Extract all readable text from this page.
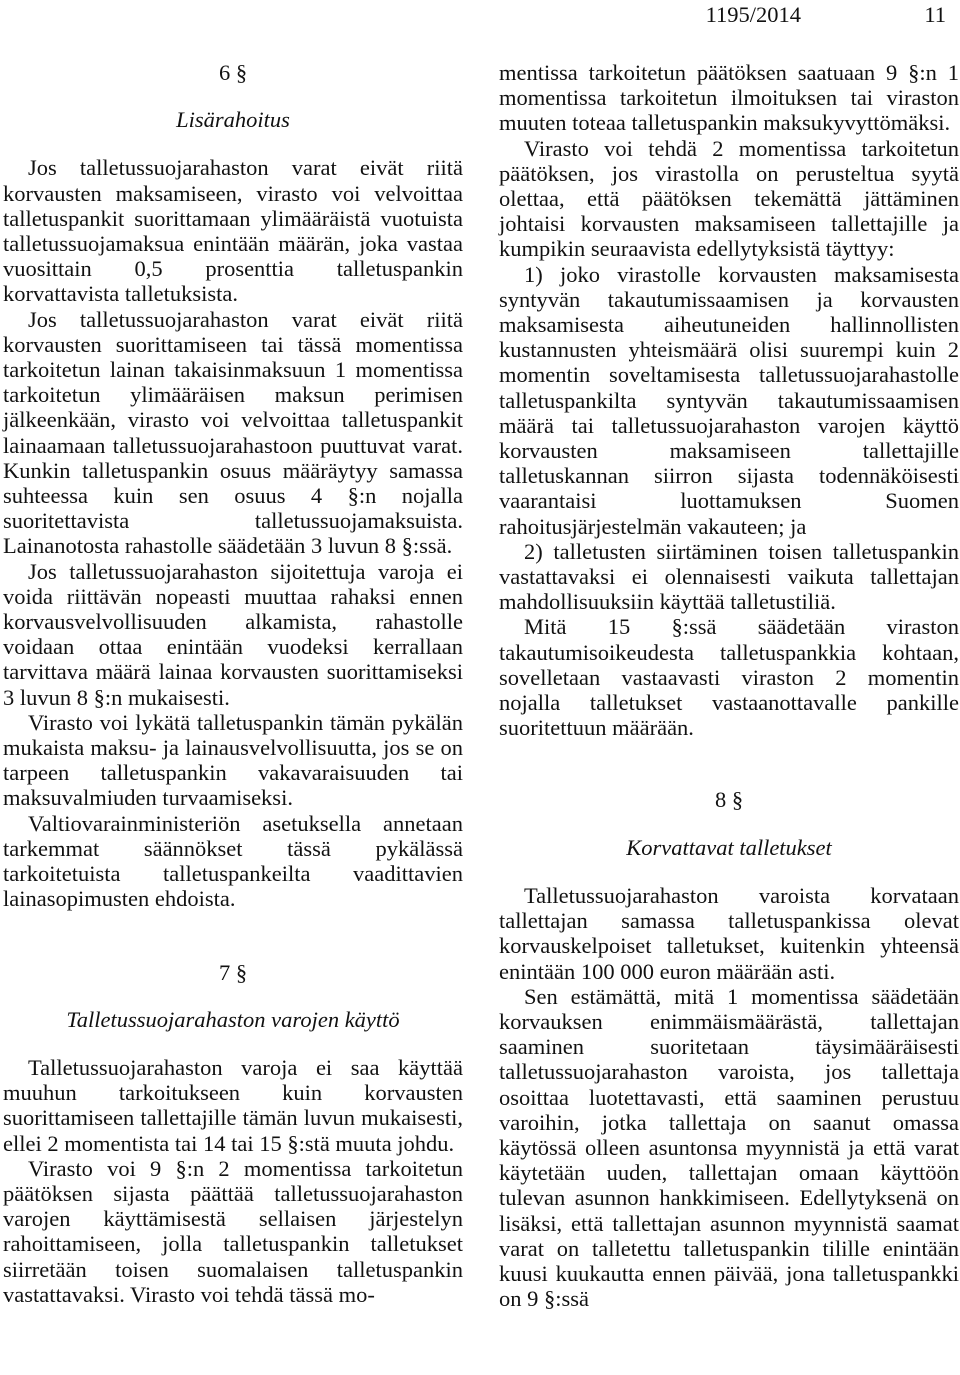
1195/2014	11

6 §

Lisärahoitus

Jos talletussuojarahaston varat eivät riitä korvausten maksamiseen, virasto voi velvoittaa talletuspankit suorittamaan ylimääräistä vuotuista talletussuojamaksua enintään määrän, joka vastaa vuosittain 0,5 prosenttia talletuspankin korvattavista talletuksista.

Jos talletussuojarahaston varat eivät riitä korvausten suorittamiseen tai tässä momentissa tarkoitetun lainan takaisinmaksuun 1 momentissa tarkoitetun ylimääräisen maksun perimisen jälkeenkään, virasto voi velvoittaa talletuspankit lainaamaan talletussuojarahastoon puuttuvat varat. Kunkin talletuspankin osuus määräytyy samassa suhteessa kuin sen osuus 4 §:n nojalla suoritettavista talletussuojamaksuista. Lainanotosta rahastolle säädetään 3 luvun 8 §:ssä.

Jos talletussuojarahaston sijoitettuja varoja ei voida riittävän nopeasti muuttaa rahaksi ennen korvausvelvollisuuden alkamista, rahastolle voidaan ottaa enintään vuodeksi kerrallaan tarvittava määrä lainaa korvausten suorittamiseksi 3 luvun 8 §:n mukaisesti.

Virasto voi lykätä talletuspankin tämän pykälän mukaista maksu- ja lainausvelvollisuutta, jos se on tarpeen talletuspankin vakavaraisuuden tai maksuvalmiuden turvaamiseksi.

Valtiovarainministeriön asetuksella annetaan tarkemmat säännökset tässä pykälässä tarkoitetuista talletuspankeilta vaadittavien lainasopimusten ehdoista.

7 §

Talletussuojarahaston varojen käyttö

Talletussuojarahaston varoja ei saa käyttää muuhun tarkoitukseen kuin korvausten suorittamiseen tallettajille tämän luvun mukaisesti, ellei 2 momentista tai 14 tai 15 §:stä muuta johdu.

Virasto voi 9 §:n 2 momentissa tarkoitetun päätöksen sijasta päättää talletussuojarahaston varojen käyttämisestä sellaisen järjestelyn rahoittamiseen, jolla talletuspankin talletukset siirretään toisen suomalaisen talletuspankin vastattavaksi. Virasto voi tehdä tässä mo-

mentissa tarkoitetun päätöksen saatuaan 9 §:n 1 momentissa tarkoitetun ilmoituksen tai viraston muuten toteaa talletuspankin maksukyvyttömäksi.

Virasto voi tehdä 2 momentissa tarkoitetun päätöksen, jos virastolla on perusteltua syytä olettaa, että päätöksen tekemättä jättäminen johtaisi korvausten maksamiseen tallettajille ja kumpikin seuraavista edellytyksistä täyttyy:

1) joko virastolle korvausten maksamisesta syntyvän takautumissaamisen ja korvausten maksamisesta aiheutuneiden hallinnollisten kustannusten yhteismäärä olisi suurempi kuin 2 momentin soveltamisesta talletussuojarahastolle talletuspankilta syntyvän takautumissaamisen määrä tai talletussuojarahaston varojen käyttö korvausten maksamiseen tallettajille talletuskannan siirron sijasta todennäköisesti vaarantaisi luottamuksen Suomen rahoitusjärjestelmän vakauteen; ja

2) talletusten siirtäminen toisen talletuspankin vastattavaksi ei olennaisesti vaikuta tallettajan mahdollisuuksiin käyttää talletustiliä.

Mitä 15 §:ssä säädetään viraston takautumisoikeudesta talletuspankkia kohtaan, sovelletaan vastaavasti viraston 2 momentin nojalla talletukset vastaanottavalle pankille suoritettuun määrään.

8 §

Korvattavat talletukset

Talletussuojarahaston varoista korvataan tallettajan samassa talletuspankissa olevat korvauskelpoiset talletukset, kuitenkin yhteensä enintään 100 000 euron määrään asti.

Sen estämättä, mitä 1 momentissa säädetään korvauksen enimmäismäärästä, tallettajan saaminen suoritetaan täysimääräisesti talletussuojarahaston varoista, jos tallettaja osoittaa luotettavasti, että saaminen perustuu varoihin, jotka tallettaja on saanut omassa käytössä olleen asuntonsa myynnistä ja että varat käytetään uuden, tallettajan omaan käyttöön tulevan asunnon hankkimiseen. Edellytyksenä on lisäksi, että tallettajan asunnon myynnistä saamat varat on talletettu talletuspankin tilille enintään kuusi kuukautta ennen päivää, jona talletuspankki on 9 §:ssä
